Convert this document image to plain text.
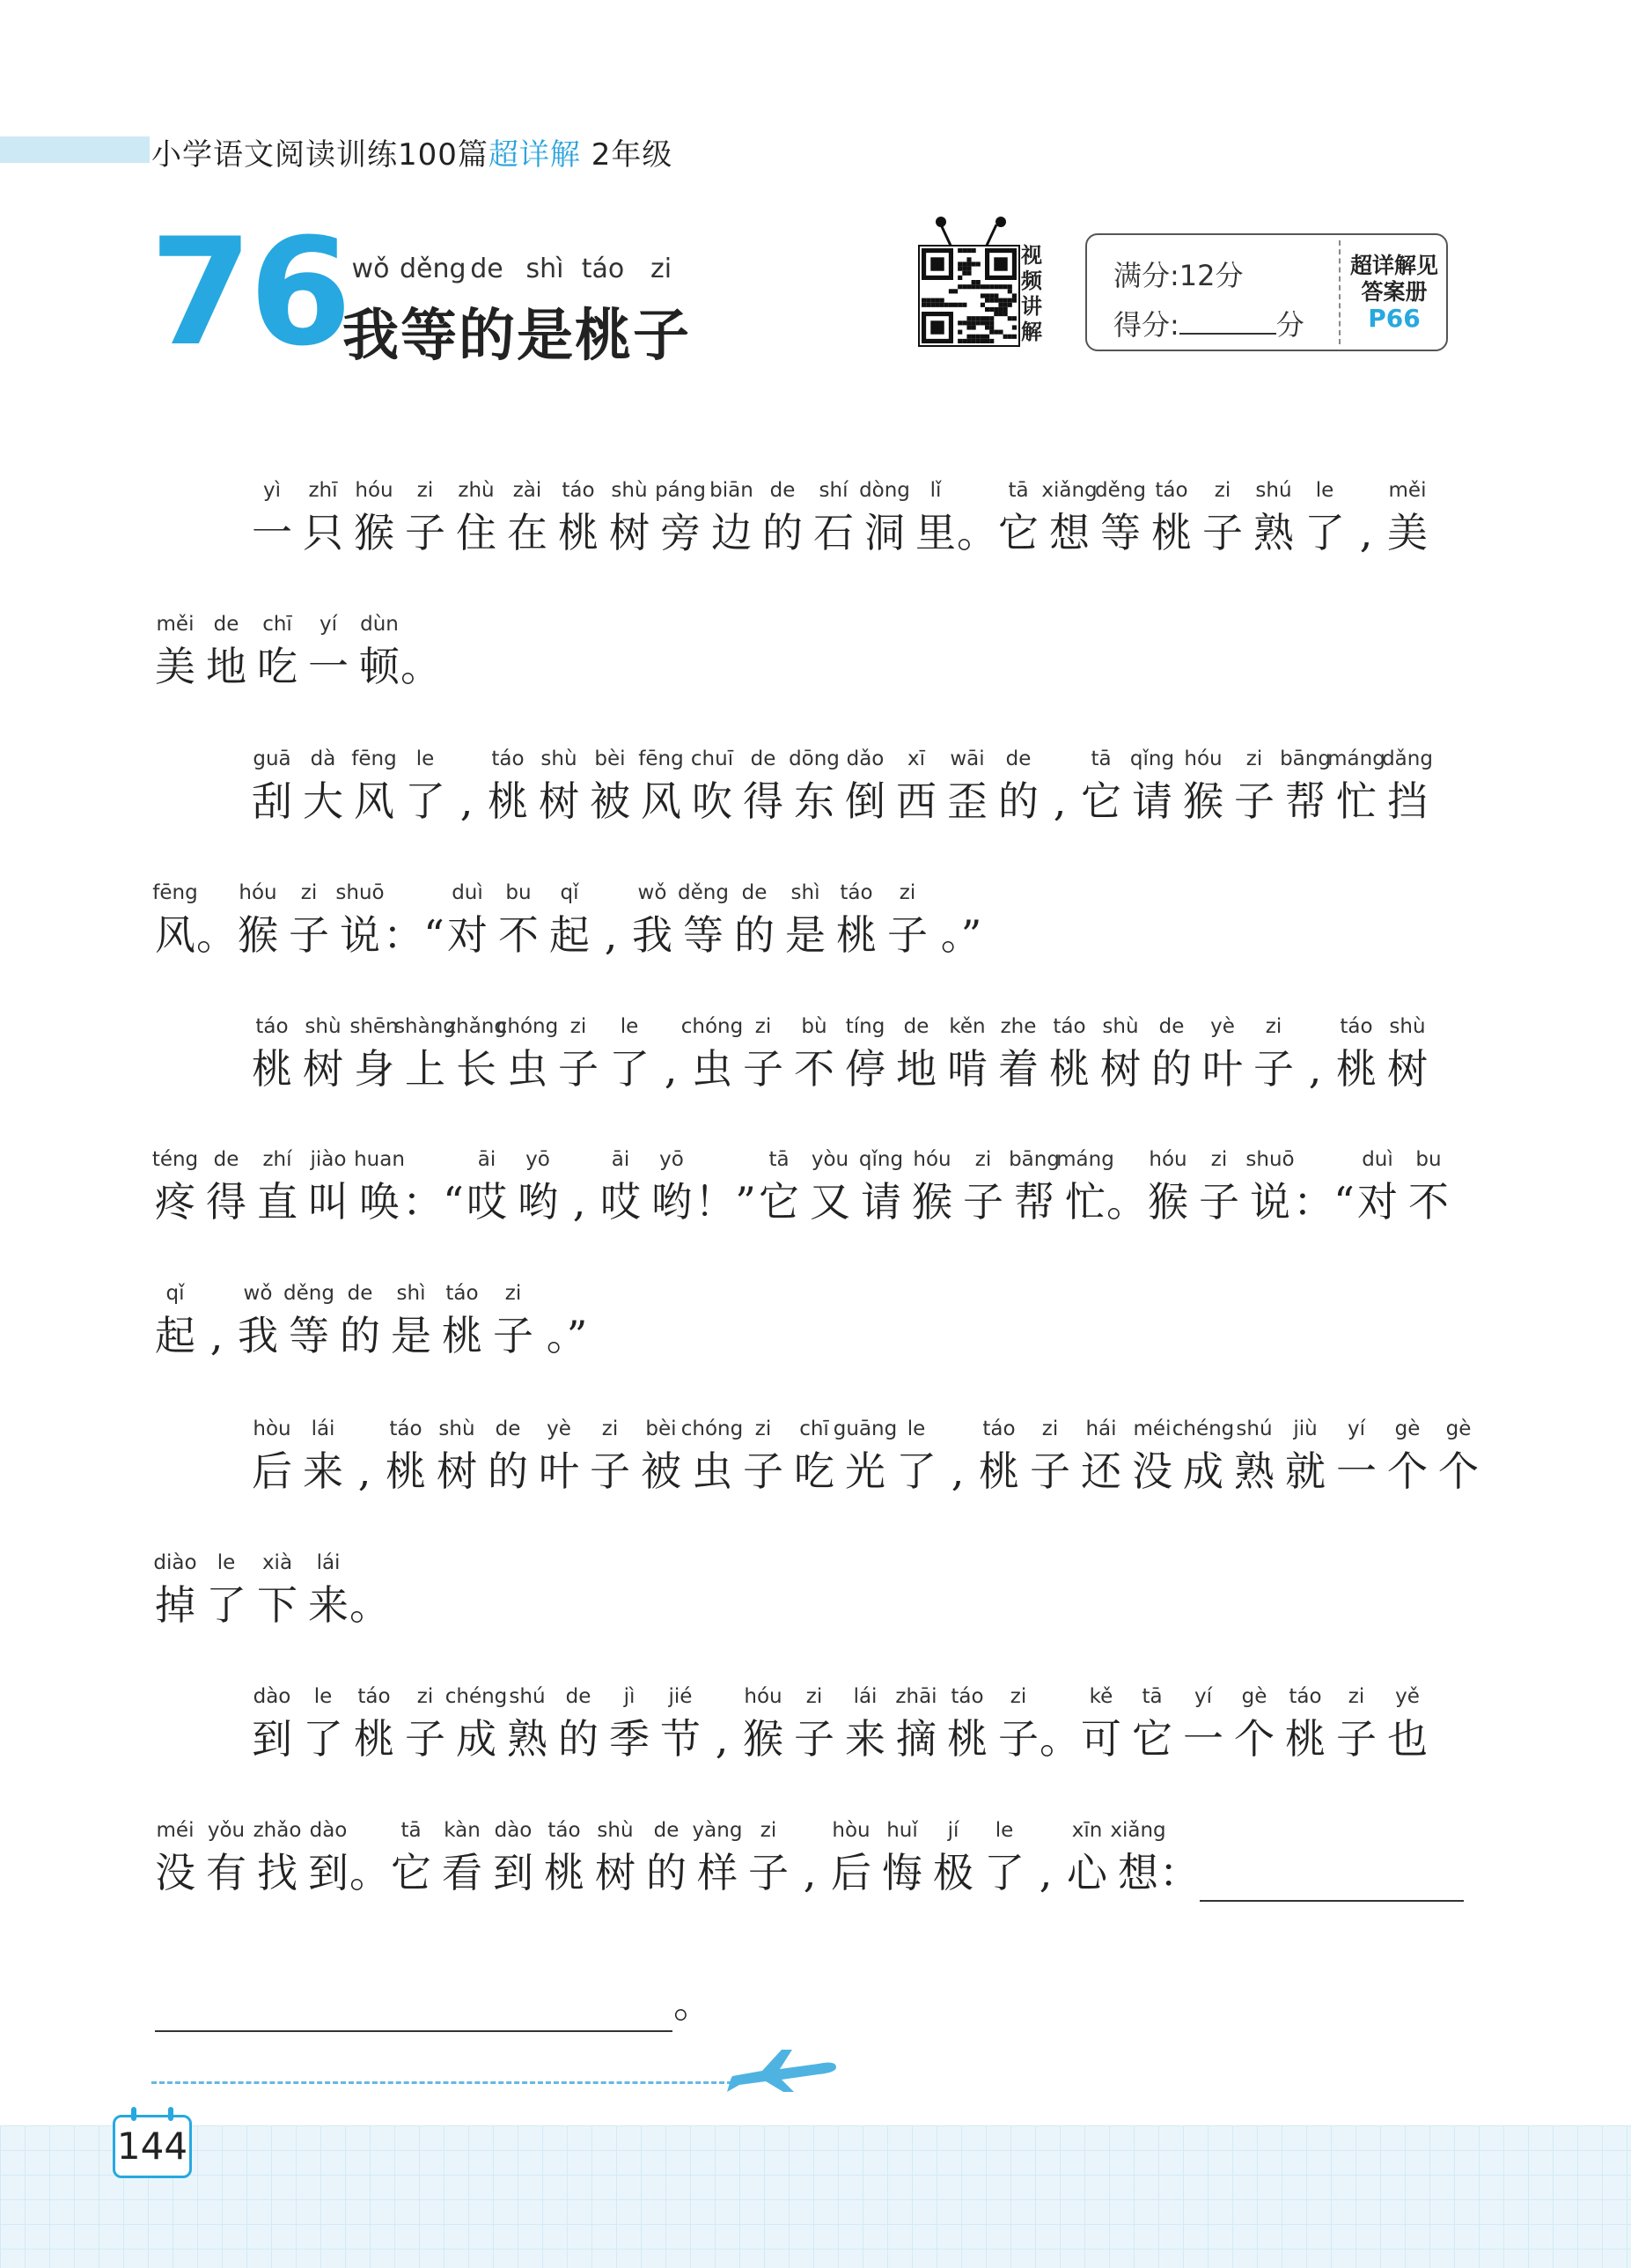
小学语文阅读训练100篇超详解 2年级
76 wǒ děng de shì táo zi
我 等 的 是 桃 子
视
频
讲
解
满分:12分
得分:	分
超详解见
答案册
P66
yì
一
zhī
只
hóu
猴
zi
子
zhù
住
zài
在
táo
桃
shù
树
páng
旁
biān
边
de
的
shí
石
dòng
洞
lǐ
里 。
tā
它
xiǎng
想
děng
等
táo
桃
zi
子
shú
熟
le
了 ,
měi
美
měi
美
de
地
chī
吃
yí
一
dùn
顿 。
guā
刮
dà
大
fēng
风
le
了 ,
táo
桃
shù
树
bèi
被
fēng
风
chuī
吹
de
得
dōng
东
dǎo
倒
xī
西
wāi
歪
de
的 ,
tā
它
qǐng
请
hóu
猴
zi
子
bāng
帮
máng
忙
dǎng
挡
fēng
风 。
hóu
猴
zi
子
shuō
说 ：“
duì
对
bu
不
qǐ
起 ,
wǒ
我
děng
等
de
的
shì
是
táo
桃
zi
子 。”
táo
桃
shù
树
shēn
身
shàng
上
zhǎng
长
chóng
虫
zi
子
le
了 ,
chóng
虫
zi
子
bù
不
tíng
停
de
地
kěn
啃
zhe
着
táo
桃
shù
树
de
的
yè
叶
zi
子 ,
táo
桃
shù
树
téng
疼
de
得
zhí
直
jiào
叫
huan
唤 ：“
āi
哎
yō
哟 ,
āi
哎
yō
哟 ！”
tā
它
yòu
又
qǐng
请
hóu
猴
zi
子
bāng
帮
máng
忙 。
hóu
猴
zi
子
shuō
说 ：“
duì
对
bu
不
qǐ
起 ,
wǒ
我
děng
等
de
的
shì
是
táo
桃
zi
子 。”
hòu
后
lái
来 ,
táo
桃
shù
树
de
的
yè
叶
zi
子
bèi
被
chóng
虫
zi
子
chī
吃
guāng
光
le
了 ,
táo
桃
zi
子
hái
还
méi
没
chéng
成
shú
熟
jiù
就
yí
一
gè
个
gè
个
diào
掉
le
了
xià
下
lái
来 。
dào
到
le
了
táo
桃
zi
子
chéng
成
shú
熟
de
的
jì
季
jié
节 ,
hóu
猴
zi
子
lái
来
zhāi
摘
táo
桃
zi
子 。
kě
可
tā
它
yí
一
gè
个
táo
桃
zi
子
yě
也
méi
没
yǒu
有
zhǎo
找
dào
到 。
tā
它
kàn
看
dào
到
táo
桃
shù
树
de
的
yàng
样
zi
子 ,
hòu
后
huǐ
悔
jí
极
le
了 ,
xīn
心
xiǎng
想 ：

。
144
